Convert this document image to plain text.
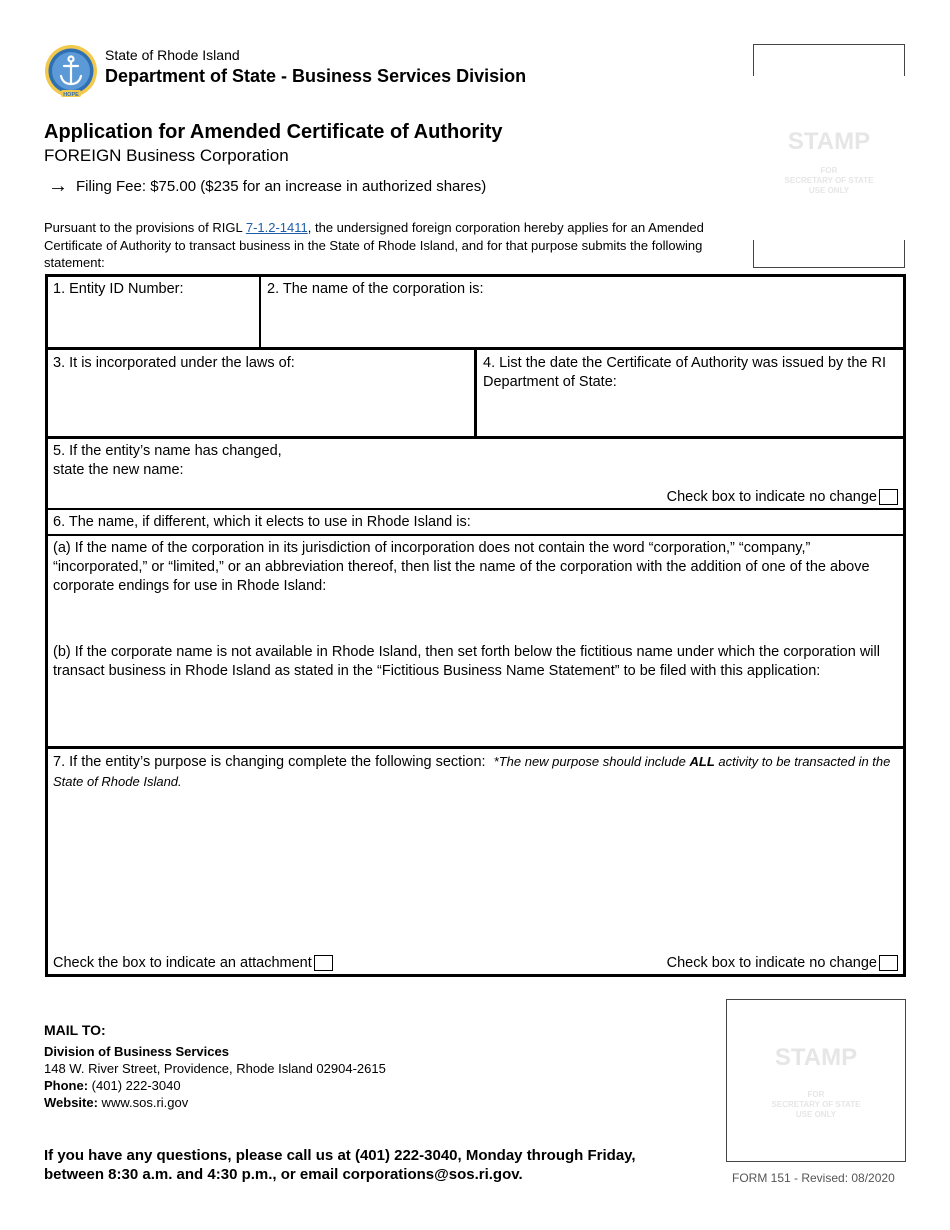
HOPE
State of Rhode Island
Department of State - Business Services Division
STAMP
FOR
SECRETARY OF STATE
USE ONLY
Application for Amended Certificate of Authority
FOREIGN Business Corporation
→ Filing Fee: $75.00 ($235 for an increase in authorized shares)
Pursuant to the provisions of RIGL 7-1.2-1411, the undersigned foreign corporation hereby applies for an Amended Certificate of Authority to transact business in the State of Rhode Island, and for that purpose submits the following statement:
1. Entity ID Number:	2. The name of the corporation is:
3. It is incorporated under the laws of:	4. List the date the Certificate of Authority was issued by the RI Department of State:
5. If the entity’s name has changed,
state the new name:
Check box to indicate no change
6. The name, if different, which it elects to use in Rhode Island is:
(a) If the name of the corporation in its jurisdiction of incorporation does not contain the word “corporation,” “company,” “incorporated,” or “limited,” or an abbreviation thereof, then list the name of the corporation with the addition of one of the above corporate endings for use in Rhode Island:
(b) If the corporate name is not available in Rhode Island, then set forth below the fictitious name under which the corporation will transact business in Rhode Island as stated in the “Fictitious Business Name Statement” to be filed with this application:
7. If the entity’s purpose is changing complete the following section: *The new purpose should include ALL activity to be transacted in the State of Rhode Island.
Check the box to indicate an attachment	Check box to indicate no change
MAIL TO:
Division of Business Services
148 W. River Street, Providence, Rhode Island 02904-2615
Phone: (401) 222-3040
Website: www.sos.ri.gov
STAMP
FOR
SECRETARY OF STATE
USE ONLY
If you have any questions, please call us at (401) 222-3040, Monday through Friday,
between 8:30 a.m. and 4:30 p.m., or email corporations@sos.ri.gov.	FORM 151 - Revised: 08/2020
